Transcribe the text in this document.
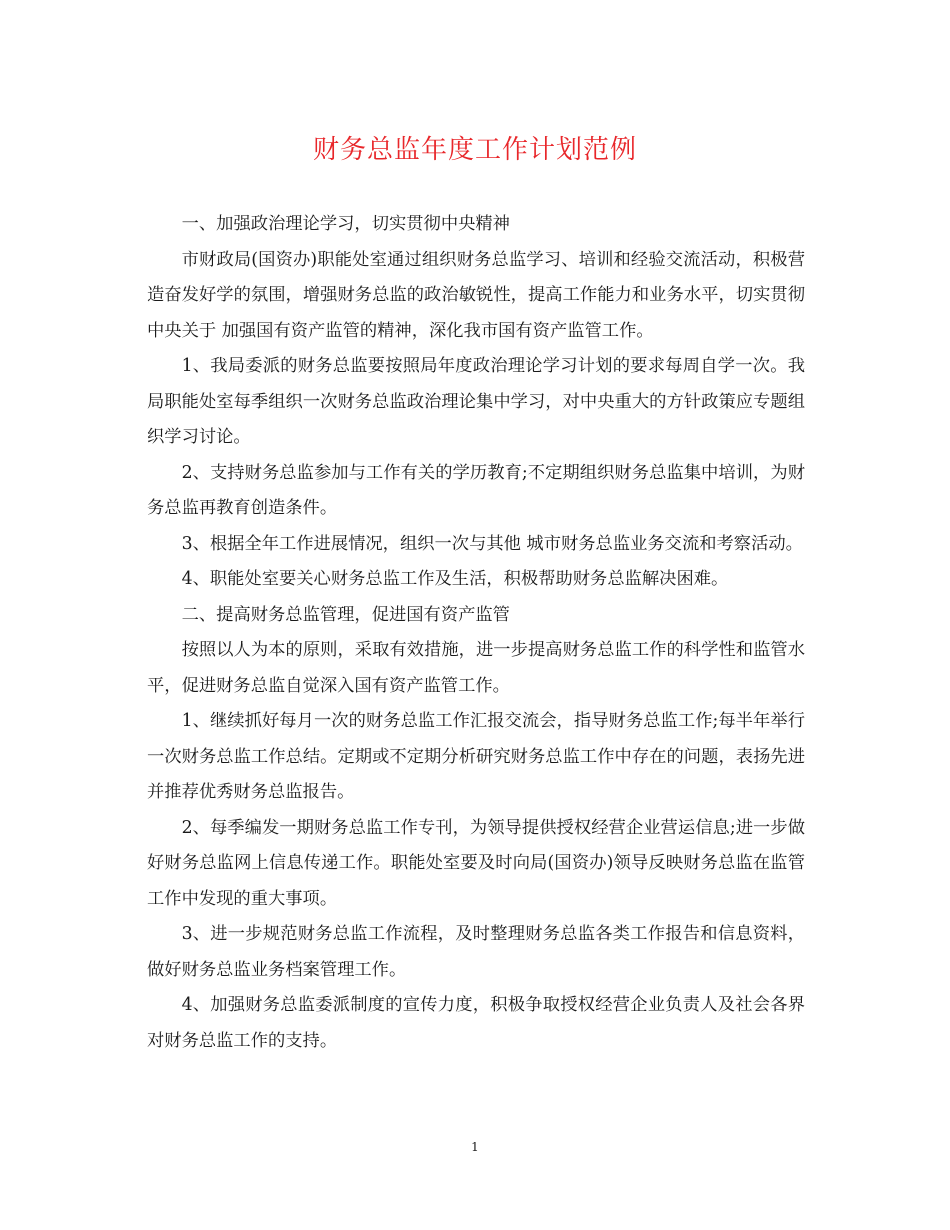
财务总监年度工作计划范例

一、加强政治理论学习，切实贯彻中央精神

市财政局(国资办)职能处室通过组织财务总监学习、培训和经验交流活动，积极营造奋发好学的氛围，增强财务总监的政治敏锐性，提高工作能力和业务水平，切实贯彻中央关于 加强国有资产监管的精神，深化我市国有资产监管工作。

1、我局委派的财务总监要按照局年度政治理论学习计划的要求每周自学一次。我局职能处室每季组织一次财务总监政治理论集中学习，对中央重大的方针政策应专题组织学习讨论。

2、支持财务总监参加与工作有关的学历教育;不定期组织财务总监集中培训，为财务总监再教育创造条件。

3、根据全年工作进展情况，组织一次与其他 城市财务总监业务交流和考察活动。

4、职能处室要关心财务总监工作及生活，积极帮助财务总监解决困难。

二、提高财务总监管理，促进国有资产监管

按照以人为本的原则，采取有效措施，进一步提高财务总监工作的科学性和监管水平，促进财务总监自觉深入国有资产监管工作。

1、继续抓好每月一次的财务总监工作汇报交流会，指导财务总监工作;每半年举行一次财务总监工作总结。定期或不定期分析研究财务总监工作中存在的问题，表扬先进并推荐优秀财务总监报告。

2、每季编发一期财务总监工作专刊，为领导提供授权经营企业营运信息;进一步做好财务总监网上信息传递工作。职能处室要及时向局(国资办)领导反映财务总监在监管工作中发现的重大事项。

3、进一步规范财务总监工作流程，及时整理财务总监各类工作报告和信息资料，做好财务总监业务档案管理工作。

4、加强财务总监委派制度的宣传力度，积极争取授权经营企业负责人及社会各界对财务总监工作的支持。

1
